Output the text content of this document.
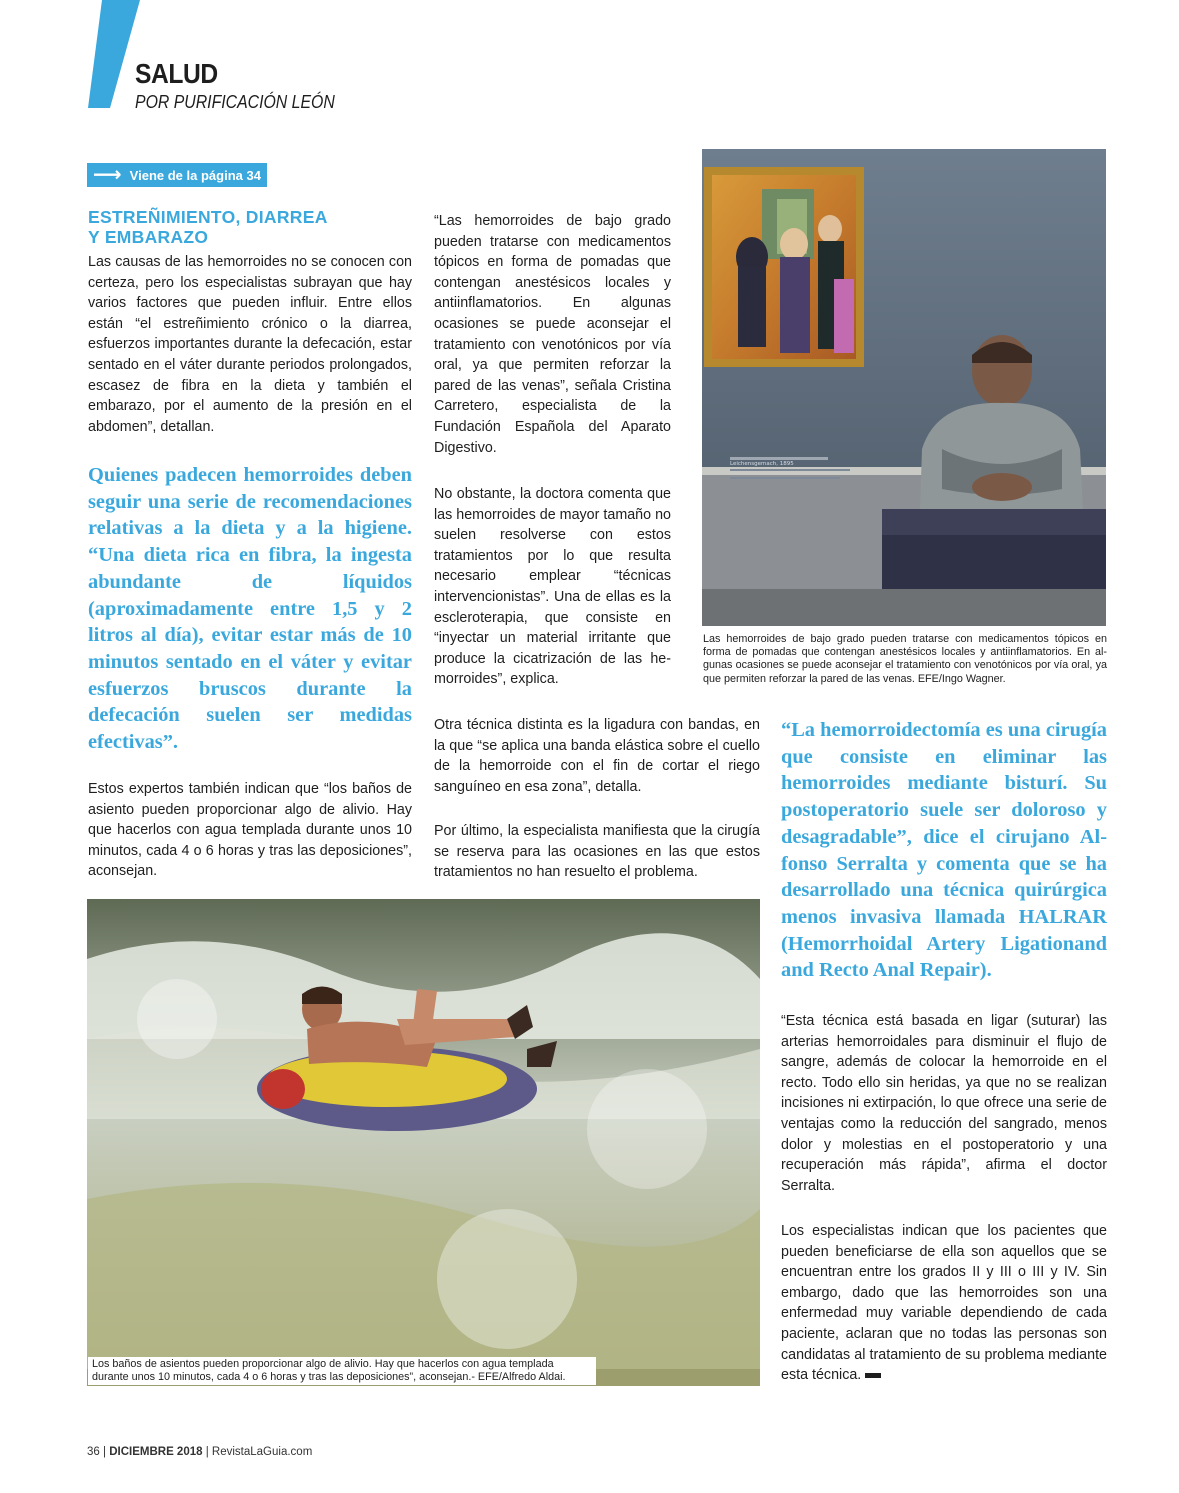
SALUD
POR PURIFICACIÓN LEÓN
⟶ Viene de la página 34
ESTREÑIMIENTO, DIARREA
Y EMBARAZO
Las causas de las hemorroides no se conocen con certeza, pero los especialistas subrayan que hay varios factores que pueden influir. Entre ellos están “el estreñimiento crónico o la diarrea, esfuerzos importantes durante la defecación, estar sentado en el váter durante periodos prolongados, escasez de fibra en la dieta y también el embarazo, por el aumento de la presión en el abdomen”, detallan.
Quienes padecen hemorroides deben seguir una serie de recomendaciones relativas a la dieta y a la higiene. “Una dieta rica en fibra, la ingesta abundante de líquidos (aproximadamente entre 1,5 y 2 litros al día), evitar estar más de 10 minutos sentado en el váter y evitar esfuerzos bruscos durante la defecación suelen ser medidas efectivas”.
Estos expertos también indican que “los baños de asiento pueden proporcionar algo de alivio. Hay que hacerlos con agua templada durante unos 10 minutos, cada 4 o 6 horas y tras las deposiciones”, aconsejan.
“Las hemorroides de bajo grado pueden tratarse con medicamentos tópicos en forma de pomadas que contengan anestésicos locales y antiinflamatorios. En algunas ocasiones se puede aconsejar el tratamiento con venotónicos por vía oral, ya que permiten reforzar la pared de las venas”, señala Cristina Carretero, especialista de la Fundación Española del Aparato Digestivo.
No obstante, la doctora comenta que las hemorroides de mayor tamaño no suelen resolverse con estos tratamientos por lo que resulta necesario emplear “técnicas intervencionistas”. Una de ellas es la escleroterapia, que consiste en “inyectar un material irritante que produce la cicatrización de las hemorroides”, explica.
Otra técnica distinta es la ligadura con bandas, en la que “se aplica una banda elástica sobre el cuello de la hemorroide con el fin de cortar el riego sanguíneo en esa zona”, detalla.
Por último, la especialista manifiesta que la cirugía se reserva para las ocasiones en las que estos tratamientos no han resuelto el problema.
Leichensgemach, 1895
Las hemorroides de bajo grado pueden tratarse con medicamentos tópicos en forma de pomadas que contengan anestésicos locales y antiinflamatorios. En algunas ocasiones se puede aconsejar el tratamiento con venotónicos por vía oral, ya que permiten reforzar la pared de las venas. EFE/Ingo Wagner.
“La hemorroidectomía es una cirugía que consiste en eliminar las hemorroides mediante bisturí. Su postoperatorio suele ser doloroso y desagradable”, dice el cirujano Alfonso Serralta y comenta que se ha desarrollado una técnica quirúrgica menos invasiva llamada HALRAR (Hemorrhoidal Artery Ligationand and Recto Anal Repair).
“Esta técnica está basada en ligar (suturar) las arterias hemorroidales para disminuir el flujo de sangre, además de colocar la hemorroide en el recto. Todo ello sin heridas, ya que no se realizan incisiones ni extirpación, lo que ofrece una serie de ventajas como la reducción del sangrado, menos dolor y molestias en el postoperatorio y una recuperación más rápida”, afirma el doctor Serralta.
Los especialistas indican que los pacientes que pueden beneficiarse de ella son aquellos que se encuentran entre los grados II y III o III y IV. Sin embargo, dado que las hemorroides son una enfermedad muy variable dependiendo de cada paciente, aclaran que no todas las personas son candidatas al tratamiento de su problema mediante esta técnica.
Los baños de asientos pueden proporcionar algo de alivio. Hay que hacerlos con agua templada durante unos 10 minutos, cada 4 o 6 horas y tras las deposiciones”, aconsejan.- EFE/Alfredo Aldai.
36 | DICIEMBRE 2018 | RevistaLaGuia.com
